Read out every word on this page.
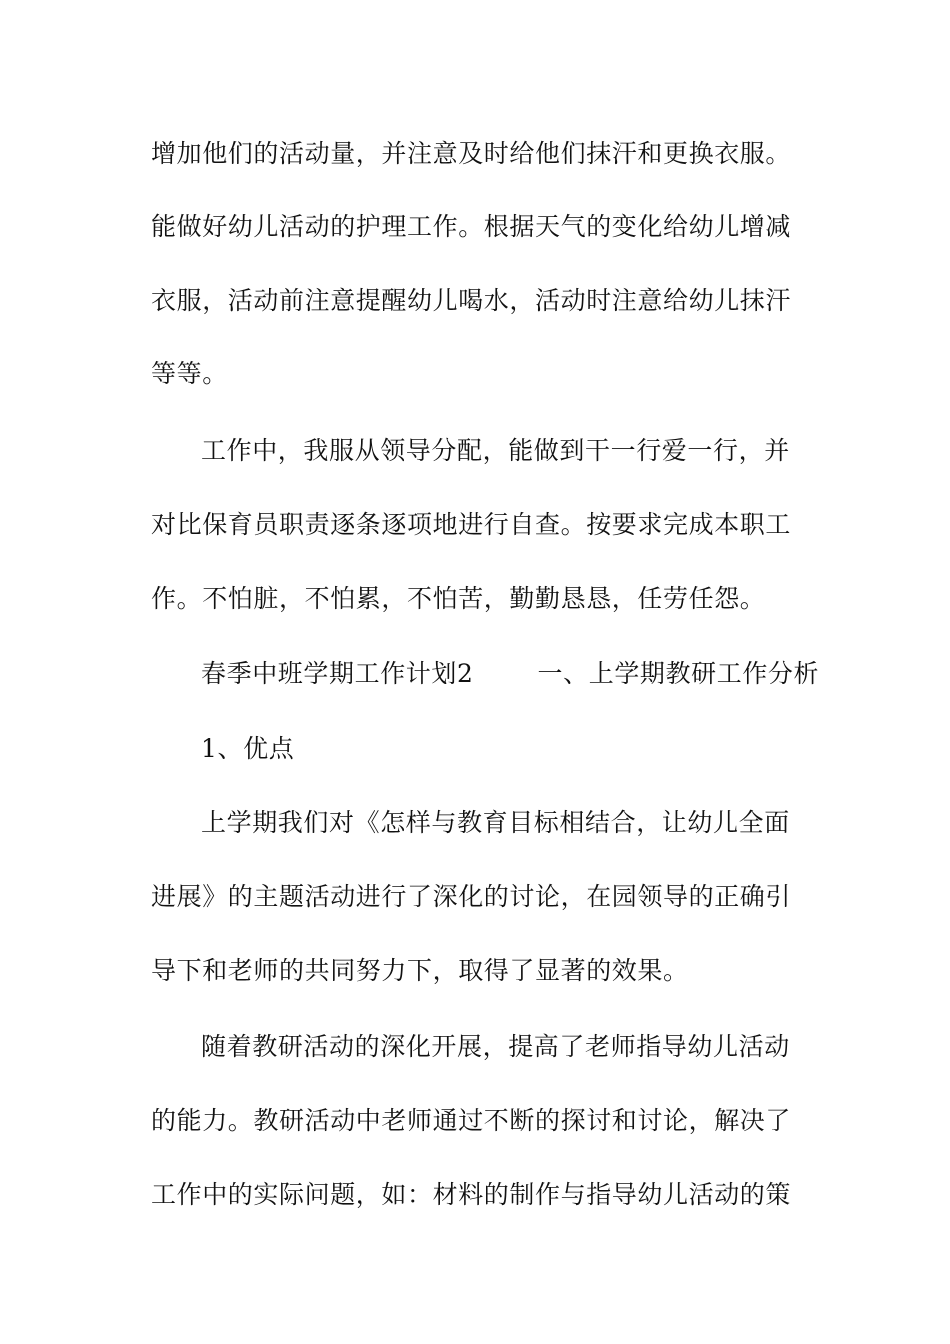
增加他们的活动量，并注意及时给他们抹汗和更换衣服。
能做好幼儿活动的护理工作。根据天气的变化给幼儿增减
衣服，活动前注意提醒幼儿喝水，活动时注意给幼儿抹汗
等等。
工作中，我服从领导分配，能做到干一行爱一行，并
对比保育员职责逐条逐项地进行自查。按要求完成本职工
作。不怕脏，不怕累，不怕苦，勤勤恳恳，任劳任怨。
春季中班学期工作计划2	一、上学期教研工作分析
1、优点
上学期我们对《怎样与教育目标相结合，让幼儿全面
进展》的主题活动进行了深化的讨论，在园领导的正确引
导下和老师的共同努力下，取得了显著的效果。
随着教研活动的深化开展，提高了老师指导幼儿活动
的能力。教研活动中老师通过不断的探讨和讨论，解决了
工作中的实际问题，如：材料的制作与指导幼儿活动的策
